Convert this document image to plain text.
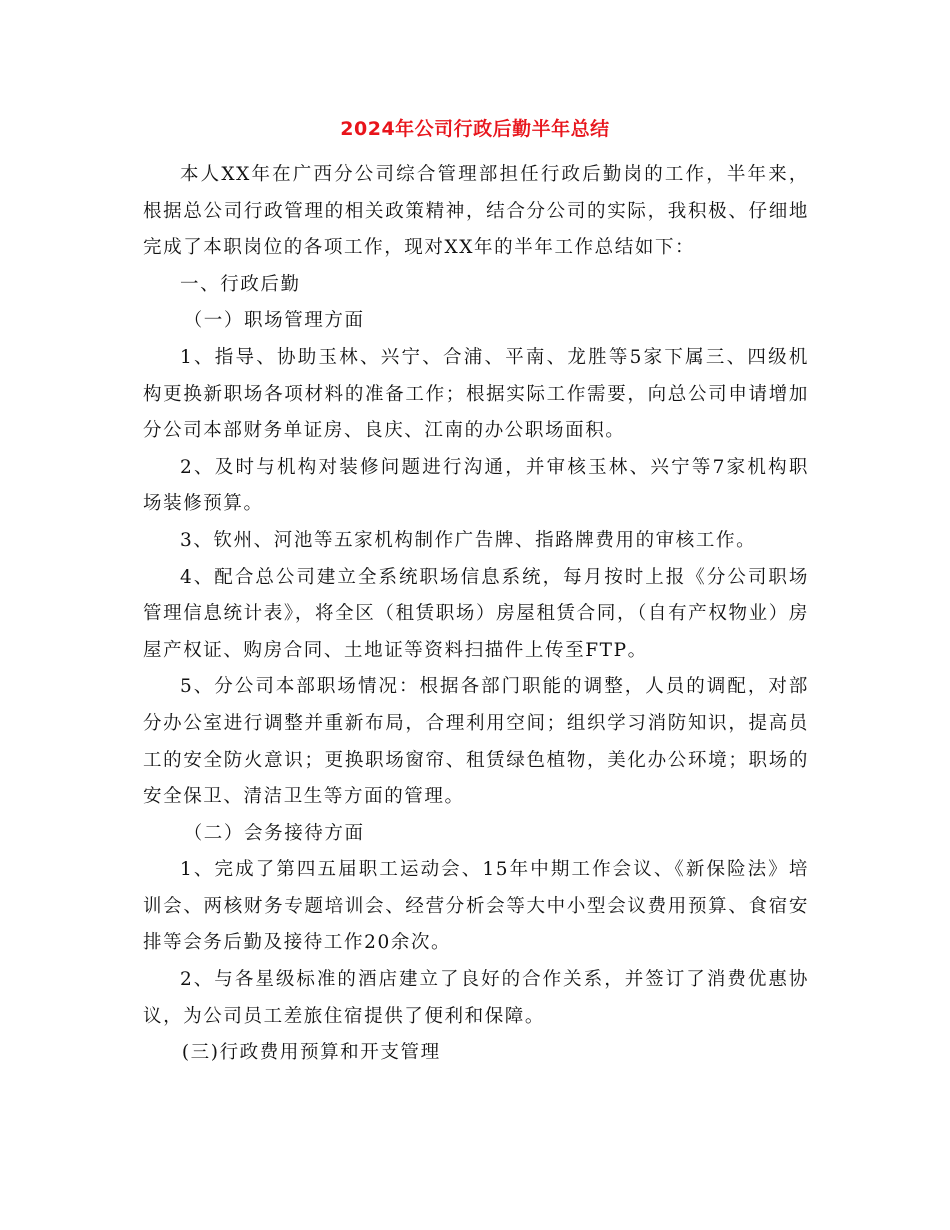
2024年公司行政后勤半年总结

本人XX年在广西分公司综合管理部担任行政后勤岗的工作，半年来，根据总公司行政管理的相关政策精神，结合分公司的实际，我积极、仔细地完成了本职岗位的各项工作，现对XX年的半年工作总结如下：

一、行政后勤

（一）职场管理方面

1、指导、协助玉林、兴宁、合浦、平南、龙胜等5家下属三、四级机构更换新职场各项材料的准备工作；根据实际工作需要，向总公司申请增加分公司本部财务单证房、良庆、江南的办公职场面积。

2、及时与机构对装修问题进行沟通，并审核玉林、兴宁等7家机构职场装修预算。

3、钦州、河池等五家机构制作广告牌、指路牌费用的审核工作。

4、配合总公司建立全系统职场信息系统，每月按时上报《分公司职场管理信息统计表》，将全区（租赁职场）房屋租赁合同，（自有产权物业）房屋产权证、购房合同、土地证等资料扫描件上传至FTP。

5、分公司本部职场情况：根据各部门职能的调整，人员的调配，对部分办公室进行调整并重新布局，合理利用空间；组织学习消防知识，提高员工的安全防火意识；更换职场窗帘、租赁绿色植物，美化办公环境；职场的安全保卫、清洁卫生等方面的管理。

（二）会务接待方面

1、完成了第四五届职工运动会、15年中期工作会议、《新保险法》培训会、两核财务专题培训会、经营分析会等大中小型会议费用预算、食宿安排等会务后勤及接待工作20余次。

2、与各星级标准的酒店建立了良好的合作关系，并签订了消费优惠协议，为公司员工差旅住宿提供了便利和保障。

(三)行政费用预算和开支管理
